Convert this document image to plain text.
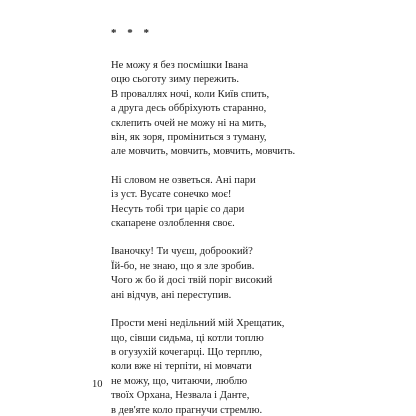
* * *
Не можу я без посмішки Івана
оцю сьоготу зиму пережить.
В проваллях ночі, коли Київ спить,
а друга десь оббріхують старанно,
склепить очей не можу ні на мить,
він, як зоря, проміниться з туману,
але мовчить, мовчить, мовчить, мовчить.
Ні словом не озветься. Ані пари
із уст. Вусате сонечко моє!
Несуть тобі три царіє со дари
скапарене озлоблення своє.
Іваночку! Ти чуєш, доброокий?
Їй-бо, не знаю, що я зле зробив.
Чого ж бо й досі твій поріг високий
ані відчув, ані переступив.
Прости мені недільний мій Хрещатик,
що, сівши сидьма, ці котли топлю
в огузухій кочегарці. Що терплю,
коли вже ні терпіти, ні мовчати
не можу, що, читаючи, люблю
твоїх Орхана, Незвала і Данте,
в дев'яте коло прагнучи стремлю.
10
